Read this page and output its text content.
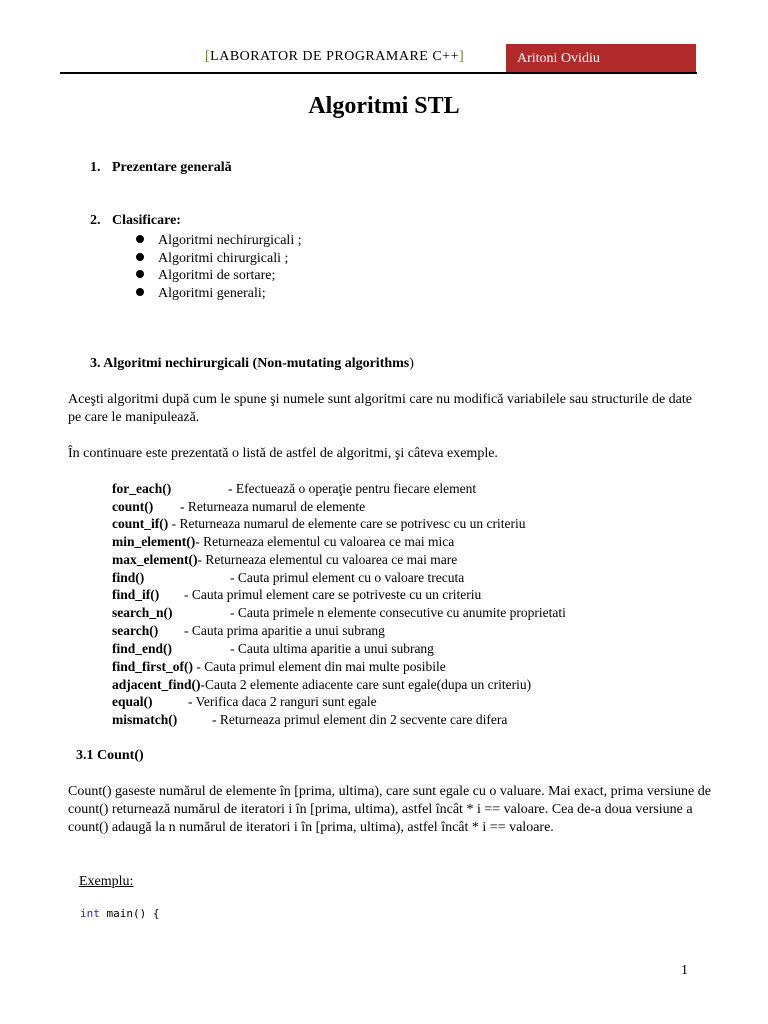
[LABORATOR DE PROGRAMARE C++]	Aritoni Ovidiu
Algoritmi STL
1. Prezentare generală
2. Clasificare:
Algoritmi nechirurgicali ;
Algoritmi chirurgicali ;
Algoritmi de sortare;
Algoritmi generali;
3. Algoritmi nechirurgicali (Non-mutating algorithms)
Aceşti algoritmi după cum le spune şi numele sunt algoritmi care nu modifică variabilele sau structurile de date pe care le manipulează.
În continuare este prezentată o listă de astfel de algoritmi, şi câteva exemple.
for_each()	- Efectuează o operaţie pentru fiecare element
count() - Returneaza numarul de elemente
count_if() - Returneaza numarul de elemente care se potrivesc cu un criteriu
min_element()- Returneaza elementul cu valoarea ce mai mica
max_element()- Returneaza elementul cu valoarea ce mai mare
find()	- Cauta primul element cu o valoare trecuta
find_if() - Cauta primul element care se potriveste cu un criteriu
search_n()	- Cauta primele n elemente consecutive cu anumite proprietati
search() - Cauta prima aparitie a unui subrang
find_end()	- Cauta ultima aparitie a unui subrang
find_first_of() - Cauta primul element din mai multe posibile
adjacent_find()-Cauta 2 elemente adiacente care sunt egale(dupa un criteriu)
equal()	- Verifica daca 2 ranguri sunt egale
mismatch()	- Returneaza primul element din 2 secvente care difera
3.1 Count()
Count() gaseste numărul de elemente în [prima, ultima), care sunt egale cu o valuare. Mai exact, prima versiune de count() returnează numărul de iteratori i în [prima, ultima), astfel încât * i == valoare. Cea de-a doua versiune a count() adaugă la n numărul de iteratori i în [prima, ultima), astfel încât * i == valoare.
Exemplu:
int main() {
1
